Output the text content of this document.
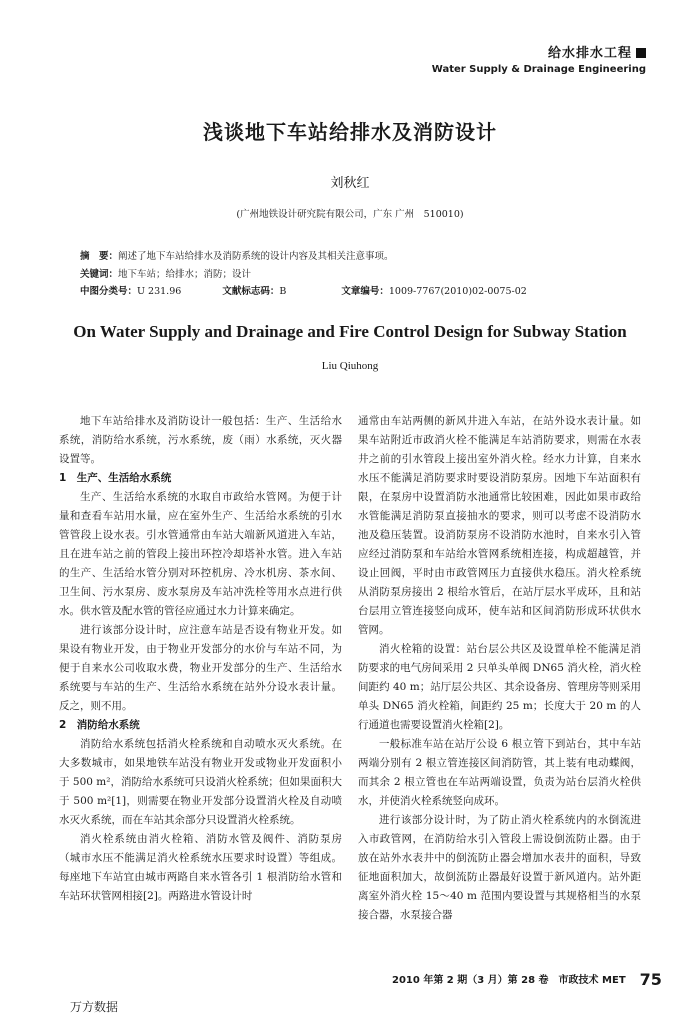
给水排水工程
Water Supply & Drainage Engineering
浅谈地下车站给排水及消防设计
刘秋红
(广州地铁设计研究院有限公司，广东 广州　510010)
摘　要：阐述了地下车站给排水及消防系统的设计内容及其相关注意事项。
关键词：地下车站；给排水；消防；设计
中图分类号：U 231.96	文献标志码：B	文章编号：1009-7767(2010)02-0075-02
On Water Supply and Drainage and Fire Control Design for Subway Station
Liu Qiuhong

地下车站给排水及消防设计一般包括：生产、生活给水系统，消防给水系统，污水系统，废（雨）水系统，灭火器设置等。

1　生产、生活给水系统

生产、生活给水系统的水取自市政给水管网。为便于计量和查看车站用水量，应在室外生产、生活给水系统的引水管管段上设水表。引水管通常由车站大端新风道进入车站，且在进车站之前的管段上接出环控冷却塔补水管。进入车站的生产、生活给水管分别对环控机房、冷水机房、茶水间、卫生间、污水泵房、废水泵房及车站冲洗栓等用水点进行供水。供水管及配水管的管径应通过水力计算来确定。

进行该部分设计时，应注意车站是否设有物业开发。如果设有物业开发，由于物业开发部分的水价与车站不同，为便于自来水公司收取水费，物业开发部分的生产、生活给水系统要与车站的生产、生活给水系统在站外分设水表计量。反之，则不用。

2　消防给水系统

消防给水系统包括消火栓系统和自动喷水灭火系统。在大多数城市，如果地铁车站没有物业开发或物业开发面积小于 500 m²，消防给水系统可只设消火栓系统；但如果面积大于 500 m²[1]，则需要在物业开发部分设置消火栓及自动喷水灭火系统，而在车站其余部分只设置消火栓系统。

消火栓系统由消火栓箱、消防水管及阀件、消防泵房（城市水压不能满足消火栓系统水压要求时设置）等组成。每座地下车站宜由城市两路自来水管各引 1 根消防给水管和车站环状管网相接[2]。两路进水管设计时

通常由车站两侧的新风井进入车站，在站外设水表计量。如果车站附近市政消火栓不能满足车站消防要求，则需在水表井之前的引水管段上接出室外消火栓。经水力计算，自来水水压不能满足消防要求时要设消防泵房。因地下车站面积有限，在泵房中设置消防水池通常比较困难，因此如果市政给水管能满足消防泵直接抽水的要求，则可以考虑不设消防水池及稳压装置。设消防泵房不设消防水池时，自来水引入管应经过消防泵和车站给水管网系统相连接，构成超越管，并设止回阀，平时由市政管网压力直接供水稳压。消火栓系统从消防泵房接出 2 根给水管后，在站厅层水平成环，且和站台层用立管连接竖向成环，使车站和区间消防形成环状供水管网。

消火栓箱的设置：站台层公共区及设置单栓不能满足消防要求的电气房间采用 2 只单头单阀 DN65 消火栓，消火栓间距约 40 m；站厅层公共区、其余设备房、管理房等则采用单头 DN65 消火栓箱，间距约 25 m；长度大于 20 m 的人行通道也需要设置消火栓箱[2]。

一般标准车站在站厅公设 6 根立管下到站台，其中车站两端分别有 2 根立管连接区间消防管，其上装有电动蝶阀，而其余 2 根立管也在车站两端设置，负责为站台层消火栓供水，并使消火栓系统竖向成环。

进行该部分设计时，为了防止消火栓系统内的水倒流进入市政管网，在消防给水引入管段上需设倒流防止器。由于放在站外水表井中的倒流防止器会增加水表井的面积，导致征地面积加大，故倒流防止器最好设置于新风道内。站外距离室外消火栓 15～40 m 范围内要设置与其规格相当的水泵接合器，水泵接合器

2010 年第 2 期（3 月）第 28 卷　市政技术 MET 75
万方数据
